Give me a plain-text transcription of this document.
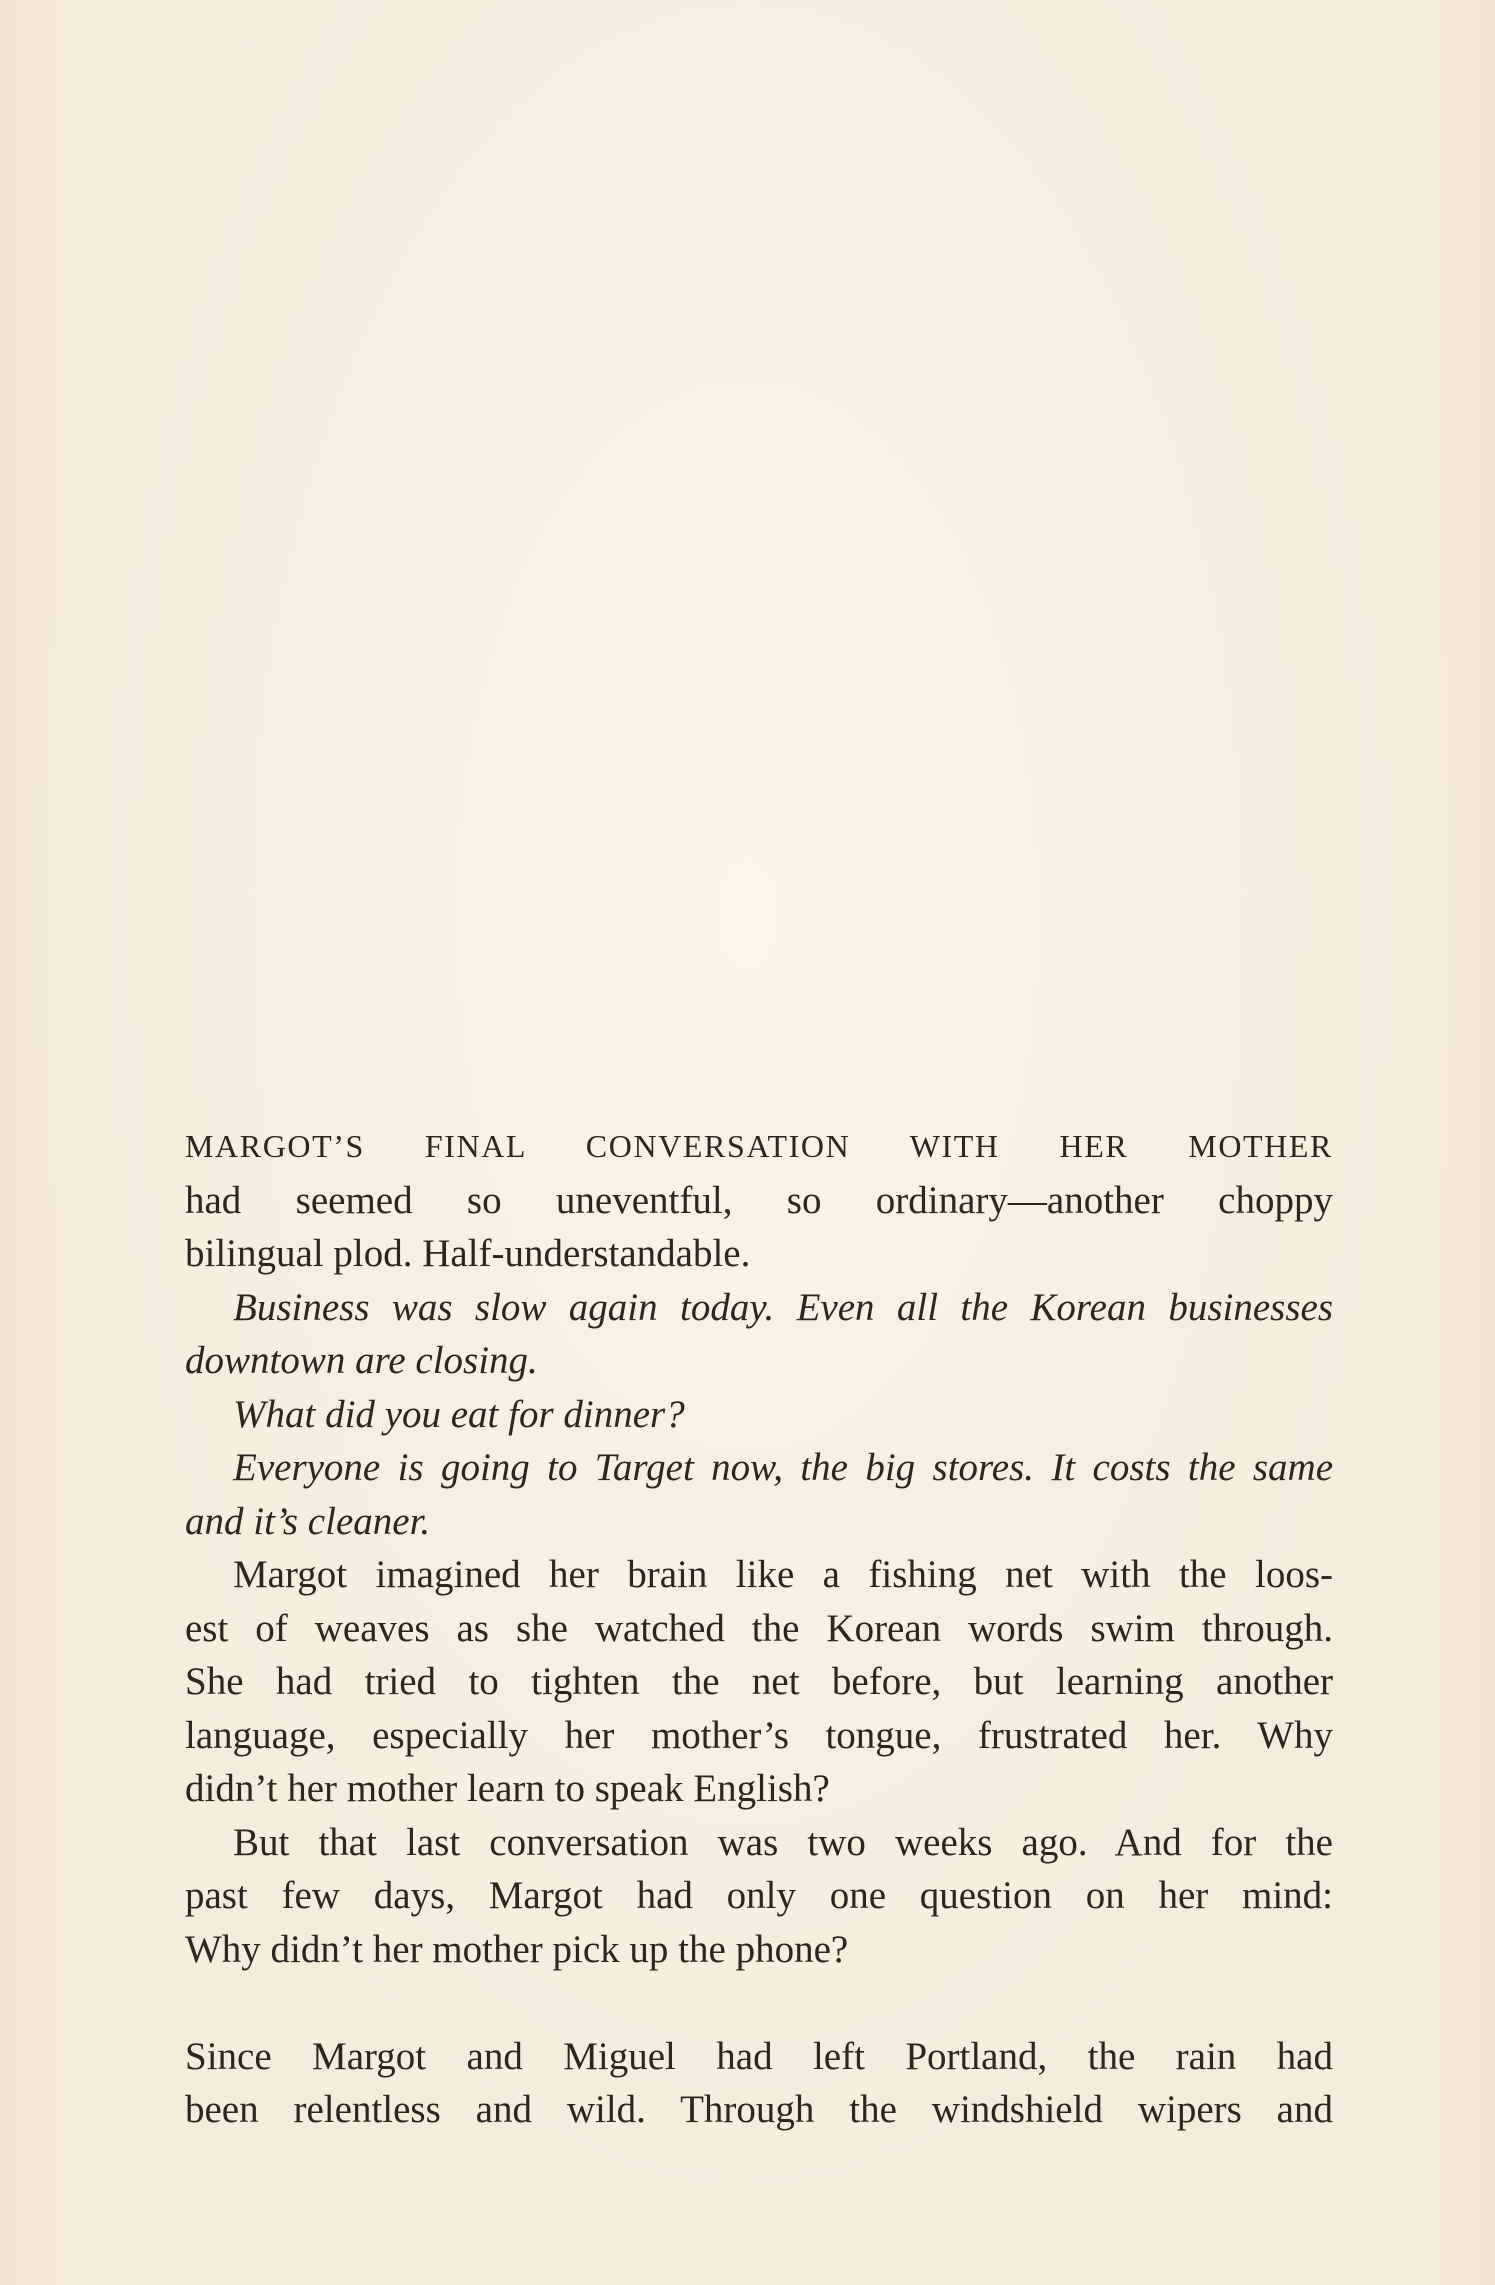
MARGOT’S FINAL CONVERSATION WITH HER MOTHER
had seemed so uneventful, so ordinary—another choppy
bilingual plod. Half-understandable.
Business was slow again today. Even all the Korean businesses
downtown are closing.
What did you eat for dinner?
Everyone is going to Target now, the big stores. It costs the same
and it’s cleaner.
Margot imagined her brain like a fishing net with the loos-
est of weaves as she watched the Korean words swim through.
She had tried to tighten the net before, but learning another
language, especially her mother’s tongue, frustrated her. Why
didn’t her mother learn to speak English?
But that last conversation was two weeks ago. And for the
past few days, Margot had only one question on her mind:
Why didn’t her mother pick up the phone?
Since Margot and Miguel had left Portland, the rain had
been relentless and wild. Through the windshield wipers and
